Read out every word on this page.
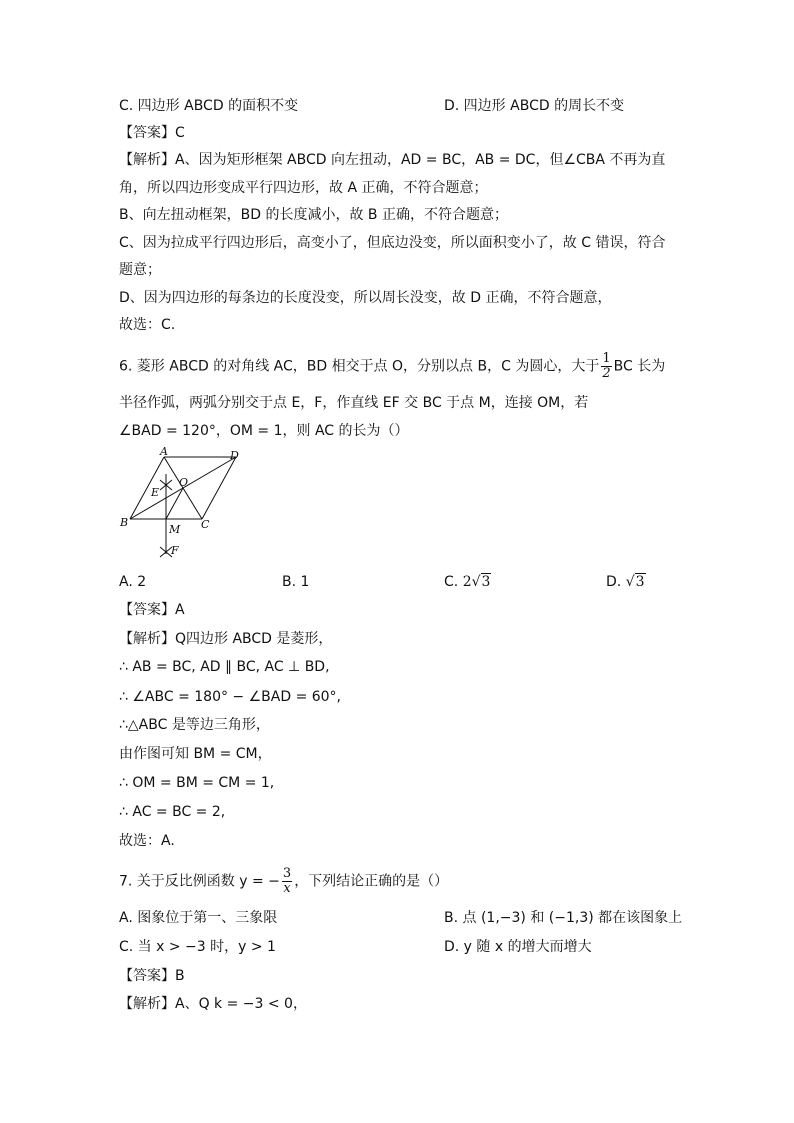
C. 四边形 ABCD 的面积不变	D. 四边形 ABCD 的周长不变
【答案】C
【解析】A、因为矩形框架 ABCD 向左扭动，AD = BC，AB = DC，但∠CBA 不再为直
角，所以四边形变成平行四边形，故 A 正确，不符合题意；
B、向左扭动框架，BD 的长度减小，故 B 正确，不符合题意；
C、因为拉成平行四边形后，高变小了，但底边没变，所以面积变小了，故 C 错误，符合
题意；
D、因为四边形的每条边的长度没变，所以周长没变，故 D 正确，不符合题意，
故选：C.
6. 菱形 ABCD 的对角线 AC，BD 相交于点 O，分别以点 B，C 为圆心，大于 $\frac{1}{2}$ BC 长为
半径作弧，两弧分别交于点 E，F，作直线 EF 交 BC 于点 M，连接 OM，若
∠BAD = 120°，OM = 1，则 AC 的长为（）
A	D
O
E
B
M C
F
A. 2	B. 1	C. 2√3	D. √3
【答案】A
【解析】Q四边形 ABCD 是菱形，
∴ AB = BC, AD ∥ BC, AC ⊥ BD,
∴ ∠ABC = 180° − ∠BAD = 60°,
∴△ABC 是等边三角形，
由作图可知 BM = CM，
∴ OM = BM = CM = 1,
∴ AC = BC = 2,
故选：A.
7. 关于反比例函数 y = − $\frac{3}{x}$ ，下列结论正确的是（）
A. 图象位于第一、三象限	B. 点 (1,−3) 和 (−1,3) 都在该图象上
C. 当 x > −3 时，y > 1	D. y 随 x 的增大而增大
【答案】B
【解析】A、Q k = −3 < 0，
